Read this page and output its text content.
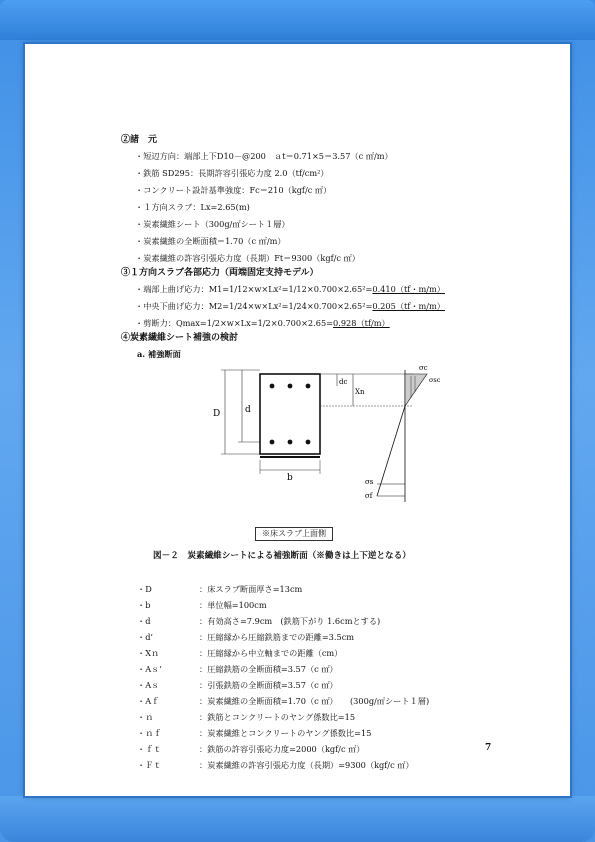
②諸　元
・短辺方向：端部上下D10－@200　ａt＝0.71×5＝3.57（c ㎡/m）
・鉄筋 SD295：長期許容引張応力度 2.0（tf/cm²）
・コンクリート設計基準強度：Fc＝210（kgf/c ㎡）
・１方向スラブ：Lx=2.65(m)
・炭素繊維シート（300g/㎡シート１層）
・炭素繊維の全断面積＝1.70（c ㎡/m）
・炭素繊維の許容引張応力度（長期）Ft＝9300（kgf/c ㎡）
③１方向スラブ各部応力（両端固定支持モデル）
・端部上曲げ応力：M1=1/12×w×Lx²=1/12×0.700×2.65²=0.410（tf・m/m）
・中央下曲げ応力：M2=1/24×w×Lx²=1/24×0.700×2.65²=0.205（tf・m/m）
・剪断力：Qmax=1/2×w×Lx=1/2×0.700×2.65=0.928（tf/m）
④炭素繊維シート補強の検討
a. 補強断面
D	d
b
dc
Xn
σc
σsc
σs
σf
※床スラブ上面側
図－２　炭素繊維シートによる補強断面（※働きは上下逆となる）
・D	：床スラブ断面厚さ=13cm
・b	：単位幅=100cm
・d	：有効高さ=7.9cm　(鉄筋下がり 1.6cmとする)
・d’	：圧縮縁から圧縮鉄筋までの距離=3.5cm
・Xｎ	：圧縮縁から中立軸までの距離（cm）
・Aｓ’	：圧縮鉄筋の全断面積=3.57（c ㎡）
・Aｓ	：引張鉄筋の全断面積=3.57（c ㎡）
・Aｆ	：炭素繊維の全断面積=1.70（c ㎡）　　(300g/㎡シート１層)
・ｎ	：鉄筋とコンクリートのヤング係数比=15
・ｎｆ	：炭素繊維とコンクリートのヤング係数比=15
・ｆｔ	：鉄筋の許容引張応力度=2000（kgf/c ㎡）
・Ｆｔ	：炭素繊維の許容引張応力度（長期）=9300（kgf/c ㎡）
7
